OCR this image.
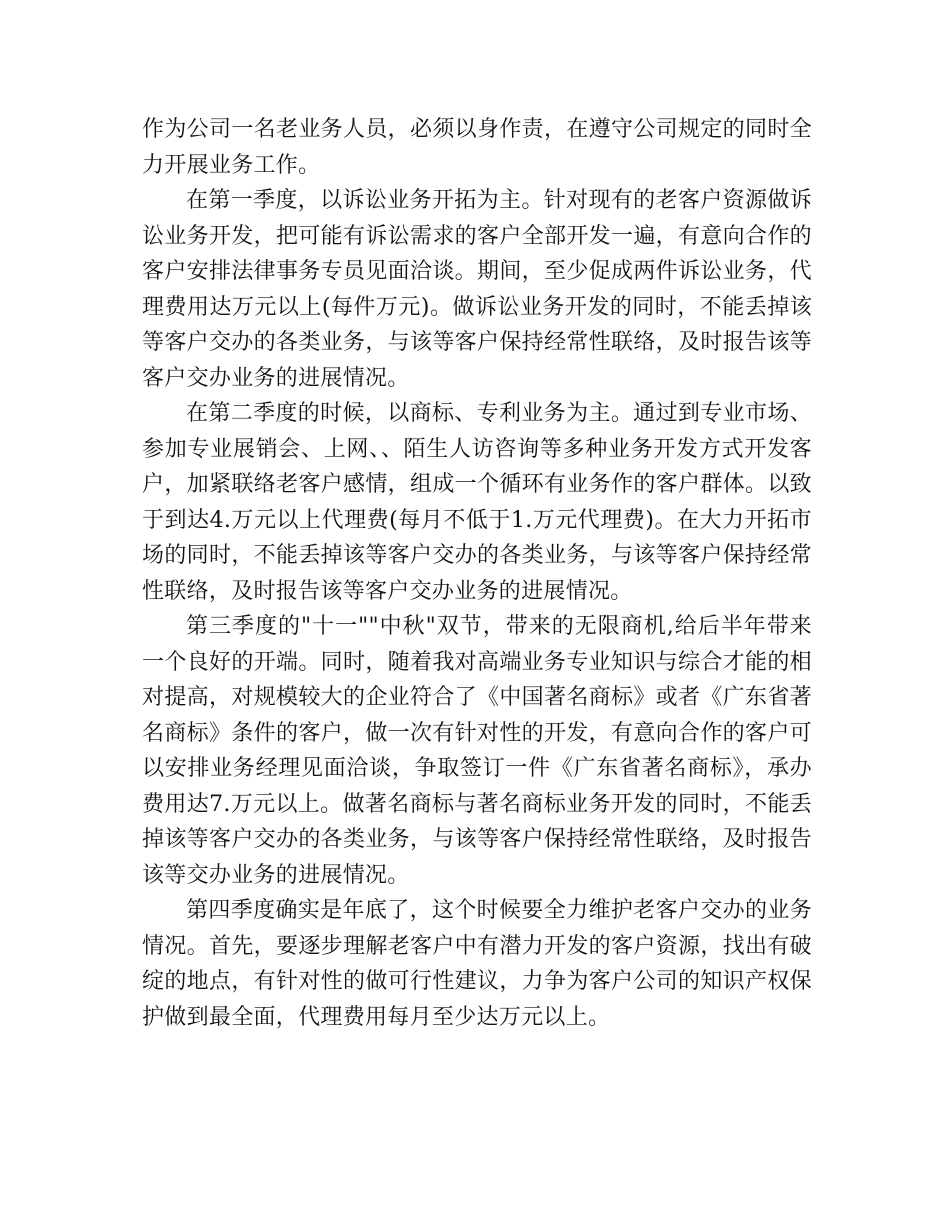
作为公司一名老业务人员，必须以身作责，在遵守公司规定的同时全力开展业务工作。

在第一季度，以诉讼业务开拓为主。针对现有的老客户资源做诉讼业务开发，把可能有诉讼需求的客户全部开发一遍，有意向合作的客户安排法律事务专员见面洽谈。期间，至少促成两件诉讼业务，代理费用达万元以上(每件万元)。做诉讼业务开发的同时，不能丢掉该等客户交办的各类业务，与该等客户保持经常性联络，及时报告该等客户交办业务的进展情况。

在第二季度的时候，以商标、专利业务为主。通过到专业市场、参加专业展销会、上网、、陌生人访咨询等多种业务开发方式开发客户，加紧联络老客户感情，组成一个循环有业务作的客户群体。以致于到达4.万元以上代理费(每月不低于1.万元代理费)。在大力开拓市场的同时，不能丢掉该等客户交办的各类业务，与该等客户保持经常性联络，及时报告该等客户交办业务的进展情况。

第三季度的"十一""中秋"双节，带来的无限商机,给后半年带来一个良好的开端。同时，随着我对高端业务专业知识与综合才能的相对提高，对规模较大的企业符合了《中国著名商标》或者《广东省著名商标》条件的客户，做一次有针对性的开发，有意向合作的客户可以安排业务经理见面洽谈，争取签订一件《广东省著名商标》，承办费用达7.万元以上。做著名商标与著名商标业务开发的同时，不能丢掉该等客户交办的各类业务，与该等客户保持经常性联络，及时报告该等交办业务的进展情况。

第四季度确实是年底了，这个时候要全力维护老客户交办的业务情况。首先，要逐步理解老客户中有潜力开发的客户资源，找出有破绽的地点，有针对性的做可行性建议，力争为客户公司的知识产权保护做到最全面，代理费用每月至少达万元以上。
